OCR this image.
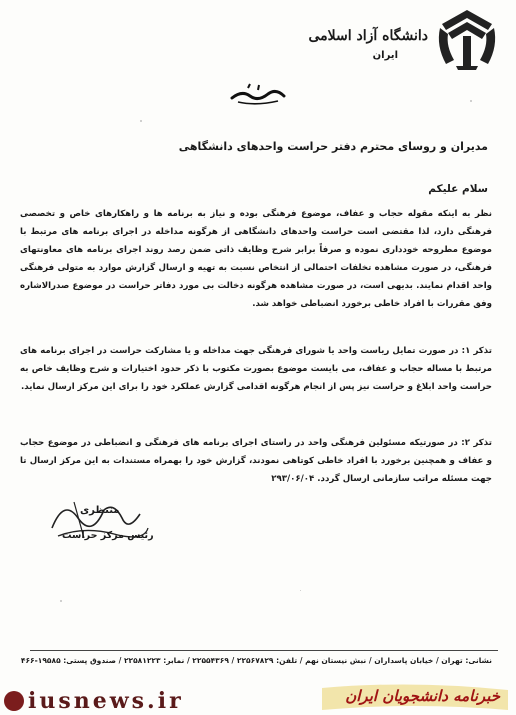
دانشگاه آزاد اسلامی
ایران
مدیران و روسای محترم دفتر حراست واحدهای دانشگاهی
سلام علیکم
نظر به اینکه مقوله حجاب و عفاف، موضوع فرهنگی بوده و نیاز به برنامه ها و راهکارهای خاص و تخصصی فرهنگی دارد، لذا مقتضی است حراست واحدهای دانشگاهی از هرگونه مداخله در اجرای برنامه های مرتبط با موضوع مطروحه خودداری نموده و صرفاً برابر شرح وظایف ذاتی ضمن رصد روند اجرای برنامه های معاونتهای فرهنگی، در صورت مشاهده تخلفات احتمالی از انتخاص نسبت به تهیه و ارسال گزارش موارد به متولی فرهنگی واحد اقدام نمایند. بدیهی است، در صورت مشاهده هرگونه دخالت بی مورد دفاتر حراست در موضوع صدرالاشاره وفق مقررات با افراد خاطی برخورد انضباطی خواهد شد.
تذکر ۱: در صورت تمایل ریاست واحد یا شورای فرهنگی جهت مداخله و یا مشارکت حراست در اجرای برنامه های مرتبط با مساله حجاب و عفاف، می بایست موضوع بصورت مکتوب با ذکر حدود اختیارات و شرح وظایف خاص به حراست واحد ابلاغ و حراست نیز پس از انجام هرگونه اقدامی گزارش عملکرد خود را برای این مرکز ارسال نماید.
تذکر ۲: در صورتیکه مسئولین فرهنگی واحد در راستای اجرای برنامه های فرهنگی و انضباطی در موضوع حجاب و عفاف و همچنین برخورد با افراد خاطی کوتاهی نمودند، گزارش خود را بهمراه مستندات به این مرکز ارسال تا جهت مسئله مراتب سازمانی ارسال گردد. ۲۹۳/۰۶/۰۴
منتظری
رئیس مرکز حراست
نشانی: تهران / خیابان پاسداران / نبش نیستان نهم / تلفن: ۲۲۵۶۷۸۲۹ / ۲۲۵۵۴۳۶۹ / نمابر: ۲۲۵۸۱۲۲۳ / صندوق پستی: ۱۹۵۸۵-۴۶۶
iusnews.ir	خبرنامه دانشجویان ایران
